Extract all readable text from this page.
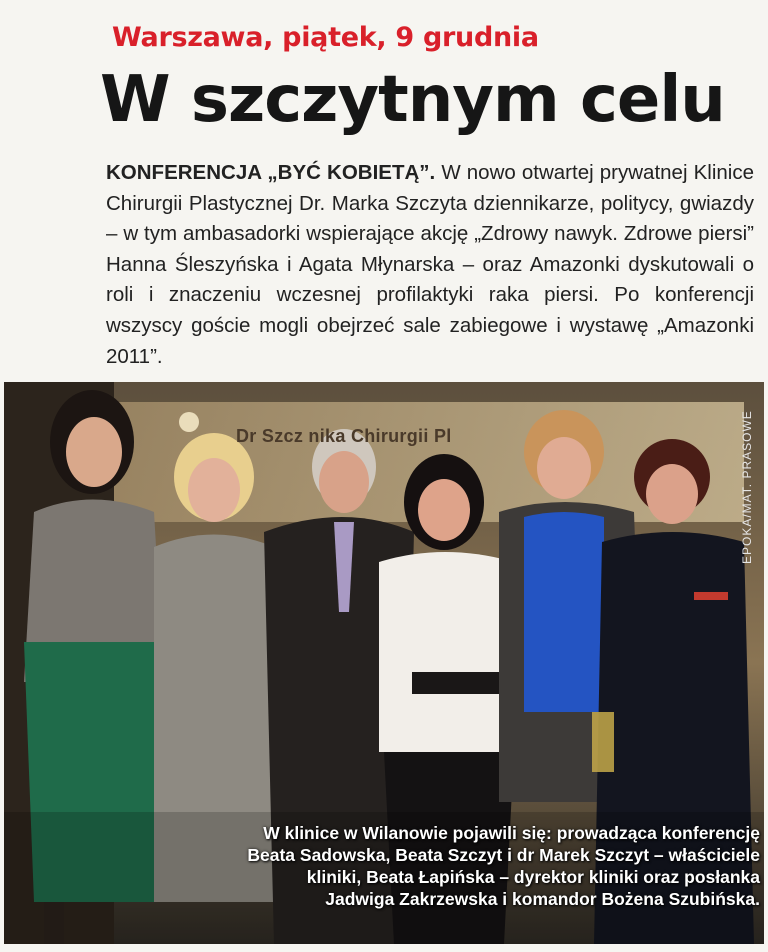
Warszawa, piątek, 9 grudnia
W szczytnym celu
KONFERENCJA „BYĆ KOBIETĄ”. W nowo otwartej prywatnej Klinice Chirurgii Plastycznej Dr. Marka Szczyta dziennikarze, politycy, gwiazdy – w tym ambasadorki wspierające akcję „Zdrowy nawyk. Zdrowe piersi” Hanna Śleszyńska i Agata Młynarska – oraz Amazonki dyskutowali o roli i znaczeniu wczesnej profilaktyki raka piersi. Po konferencji wszyscy goście mogli obejrzeć sale zabiegowe i wystawę „Amazonki 2011”.
Dr Szcz nika Chirurgii Pl	EPOKA/MAT. PRASOWE
W klinice w Wilanowie pojawili się: prowadząca konferencję
Beata Sadowska, Beata Szczyt i dr Marek Szczyt – właściciele
kliniki, Beata Łapińska – dyrektor kliniki oraz posłanka
Jadwiga Zakrzewska i komandor Bożena Szubińska.
